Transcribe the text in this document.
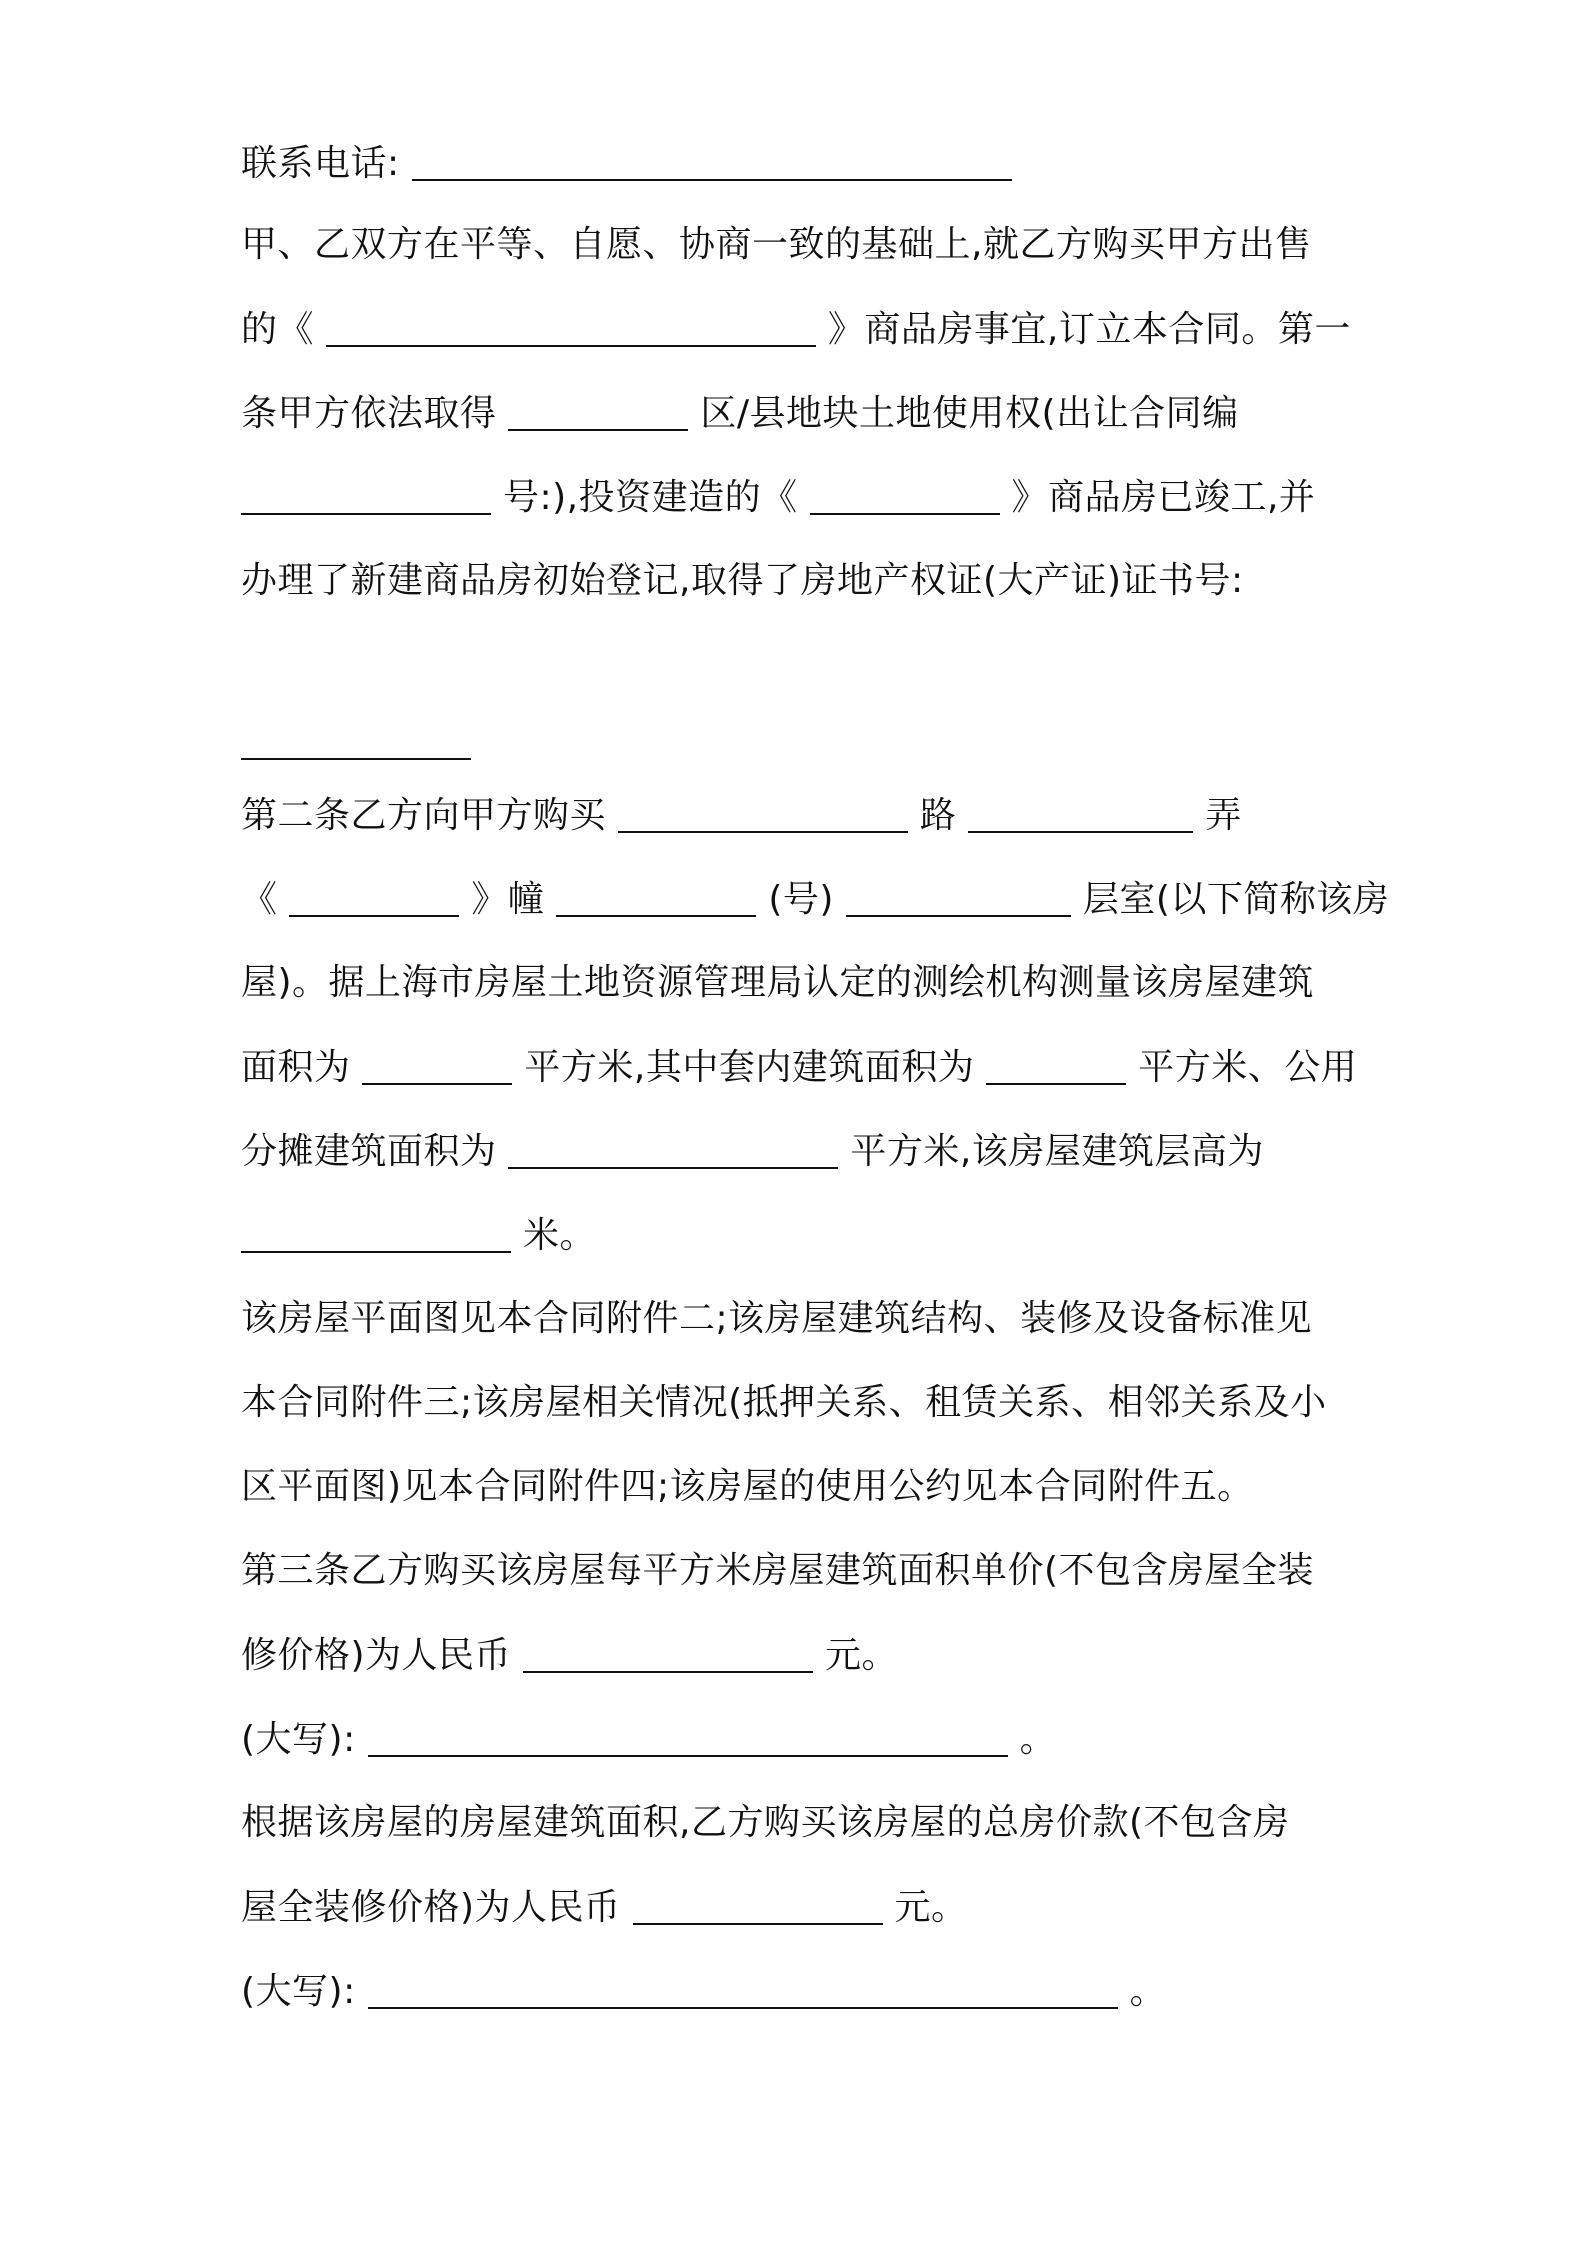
联系电话:
甲、乙双方在平等、自愿、协商一致的基础上,就乙方购买甲方出售
的《	》商品房事宜,订立本合同。第一
条甲方依法取得	区/县地块土地使用权(出让合同编
号:),投资建造的《	》商品房已竣工,并
办理了新建商品房初始登记,取得了房地产权证(大产证)证书号:
第二条乙方向甲方购买	路	弄
《	》幢	(号)	层室(以下简称该房
屋)。据上海市房屋土地资源管理局认定的测绘机构测量该房屋建筑
面积为	平方米,其中套内建筑面积为	平方米、公用
分摊建筑面积为	平方米,该房屋建筑层高为
米。
该房屋平面图见本合同附件二;该房屋建筑结构、装修及设备标准见
本合同附件三;该房屋相关情况(抵押关系、租赁关系、相邻关系及小
区平面图)见本合同附件四;该房屋的使用公约见本合同附件五。
第三条乙方购买该房屋每平方米房屋建筑面积单价(不包含房屋全装
修价格)为人民币	元。
(大写):	。
根据该房屋的房屋建筑面积,乙方购买该房屋的总房价款(不包含房
屋全装修价格)为人民币	元。
(大写):	。
